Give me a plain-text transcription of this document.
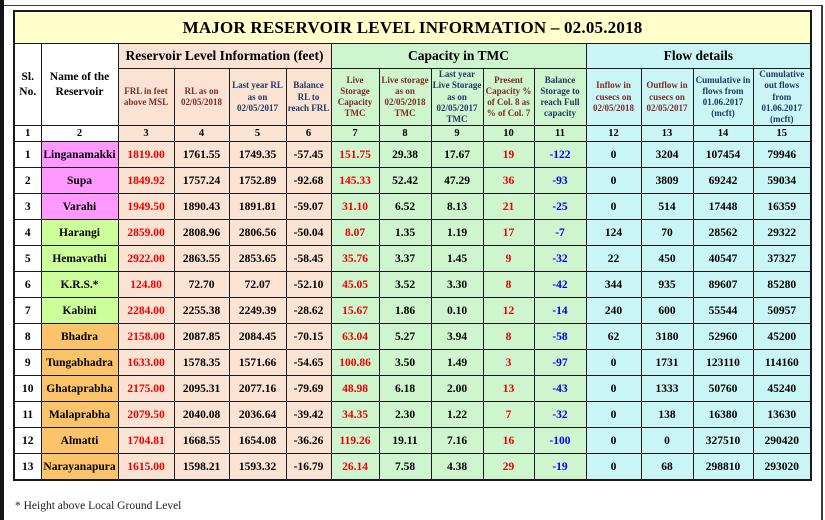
MAJOR RESERVOIR LEVEL INFORMATION – 02.05.2018														
Sl. No.	Name of the Reservoir	Reservoir Level Information (feet)				Capacity in TMC					Flow details			
		FRL in feet above MSL	RL as on 02/05/2018	Last year RL as on 02/05/2017	Balance RL to reach FRL	Live Storage Capacity TMC	Live storage as on 02/05/2018 TMC	Last year Live Storage as on 02/05/2017 TMC	Present Capacity % of Col. 8 as % of Col. 7	Balance Storage to reach Full capacity	Inflow in cusecs on 02/05/2018	Outflow in cusecs on 02/05/2017	Cumulative in flows from 01.06.2017 (mcft)	Cumulative out flows from 01.06.2017 (mcft)
1	2	3	4	5	6	7	8	9	10	11	12	13	14	15
1	Linganamakki	1819.00	1761.55	1749.35	-57.45	151.75	29.38	17.67	19	-122	0	3204	107454	79946
2	Supa	1849.92	1757.24	1752.89	-92.68	145.33	52.42	47.29	36	-93	0	3809	69242	59034
3	Varahi	1949.50	1890.43	1891.81	-59.07	31.10	6.52	8.13	21	-25	0	514	17448	16359
4	Harangi	2859.00	2808.96	2806.56	-50.04	8.07	1.35	1.19	17	-7	124	70	28562	29322
5	Hemavathi	2922.00	2863.55	2853.65	-58.45	35.76	3.37	1.45	9	-32	22	450	40547	37327
6	K.R.S.*	124.80	72.70	72.07	-52.10	45.05	3.52	3.30	8	-42	344	935	89607	85280
7	Kabini	2284.00	2255.38	2249.39	-28.62	15.67	1.86	0.10	12	-14	240	600	55544	50957
8	Bhadra	2158.00	2087.85	2084.45	-70.15	63.04	5.27	3.94	8	-58	62	3180	52960	45200
9	Tungabhadra	1633.00	1578.35	1571.66	-54.65	100.86	3.50	1.49	3	-97	0	1731	123110	114160
10	Ghataprabha	2175.00	2095.31	2077.16	-79.69	48.98	6.18	2.00	13	-43	0	1333	50760	45240
11	Malaprabha	2079.50	2040.08	2036.64	-39.42	34.35	2.30	1.22	7	-32	0	138	16380	13630
12	Almatti	1704.81	1668.55	1654.08	-36.26	119.26	19.11	7.16	16	-100	0	0	327510	290420
13	Narayanapura	1615.00	1598.21	1593.32	-16.79	26.14	7.58	4.38	29	-19	0	68	298810	293020
* Height above Local Ground Level
